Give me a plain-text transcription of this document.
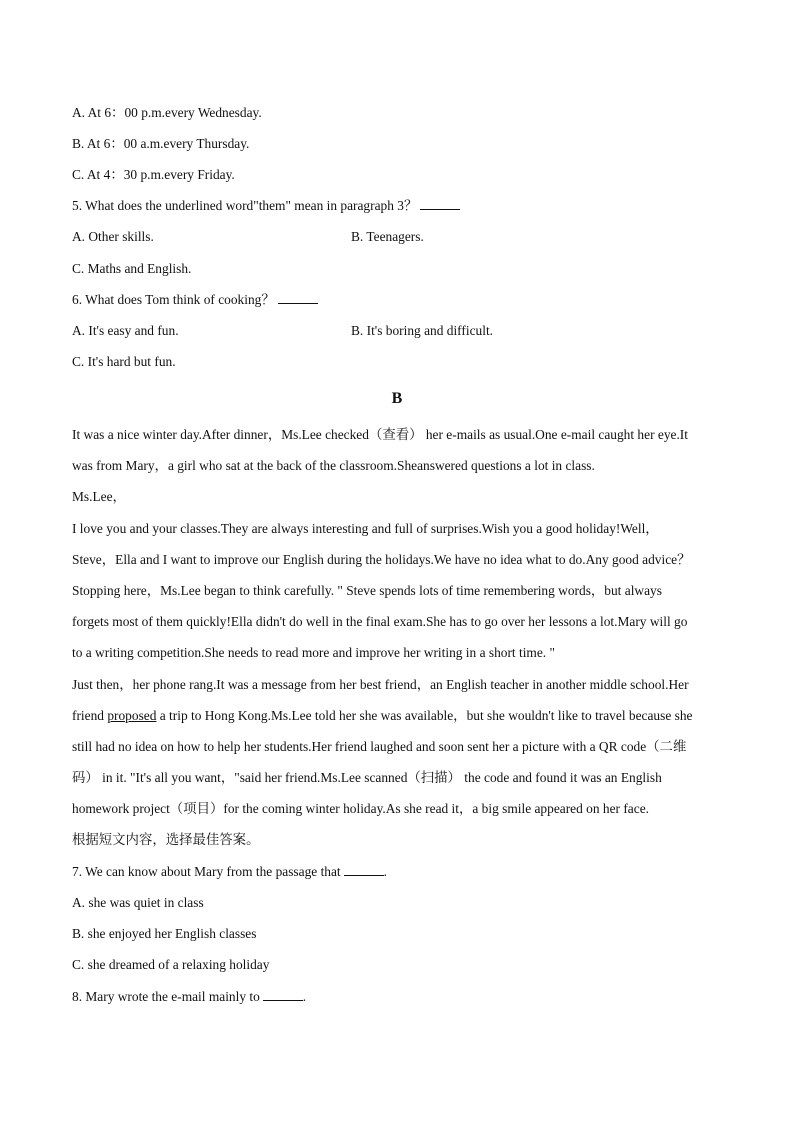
A. At 6：00 p.m.every Wednesday.
B. At 6：00 a.m.every Thursday.
C. At 4：30 p.m.every Friday.
5. What does the underlined word"them" mean in paragraph 3？
A. Other skills.	B. Teenagers.
C. Maths and English.
6. What does Tom think of cooking？
A. It's easy and fun.	B. It's boring and difficult.
C. It's hard but fun.
B
It was a nice winter day.After dinner，Ms.Lee checked（查看） her e-mails as usual.One e-mail caught her eye.It
was from Mary，a girl who sat at the back of the classroom.Sheanswered questions a lot in class.
Ms.Lee，
I love you and your classes.They are always interesting and full of surprises.Wish you a good holiday!Well，
Steve，Ella and I want to improve our English during the holidays.We have no idea what to do.Any good advice？
Stopping here，Ms.Lee began to think carefully. " Steve spends lots of time remembering words，but always
forgets most of them quickly!Ella didn't do well in the final exam.She has to go over her lessons a lot.Mary will go
to a writing competition.She needs to read more and improve her writing in a short time. "
Just then，her phone rang.It was a message from her best friend，an English teacher in another middle school.Her
friend proposed a trip to Hong Kong.Ms.Lee told her she was available，but she wouldn't like to travel because she
still had no idea on how to help her students.Her friend laughed and soon sent her a picture with a QR code（二维
码） in it. "It's all you want，"said her friend.Ms.Lee scanned（扫描） the code and found it was an English
homework project（项目）for the coming winter holiday.As she read it，a big smile appeared on her face.
根据短文内容，选择最佳答案。
7. We can know about Mary from the passage that	.
A. she was quiet in class
B. she enjoyed her English classes
C. she dreamed of a relaxing holiday
8. Mary wrote the e-mail mainly to	.
